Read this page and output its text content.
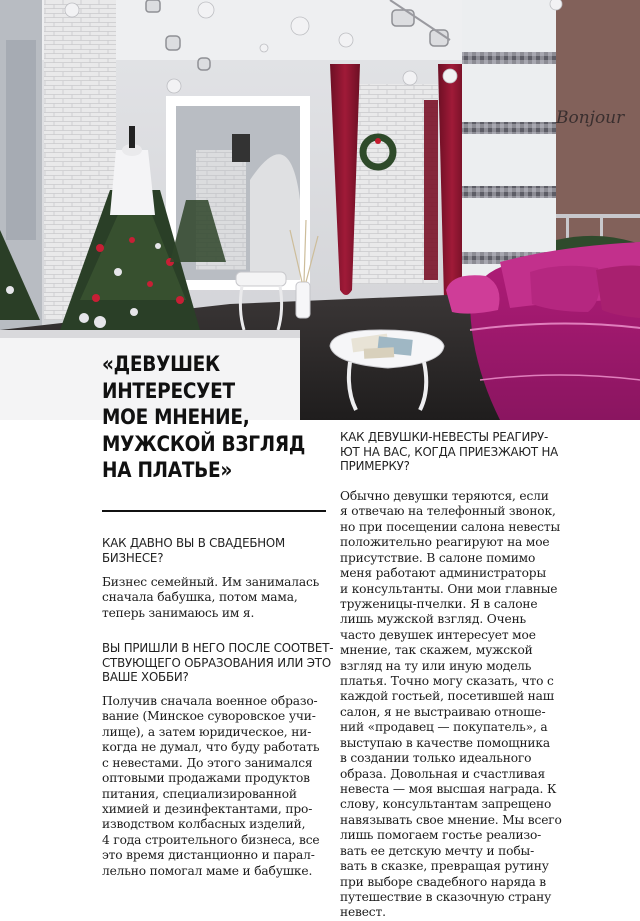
Bonjour
«ДЕВУШЕК
ИНТЕРЕСУЕТ
МОЕ МНЕНИЕ,
МУЖСКОЙ ВЗГЛЯД
НА ПЛАТЬЕ»
КАК ДАВНО ВЫ В СВАДЕБНОМ
БИЗНЕСЕ?
Бизнес семейный. Им занималась
сначала бабушка, потом мама,
теперь занимаюсь им я.
ВЫ ПРИШЛИ В НЕГО ПОСЛЕ СООТВЕТ-
СТВУЮЩЕГО ОБРАЗОВАНИЯ ИЛИ ЭТО
ВАШЕ ХОББИ?
Получив сначала военное образо-
вание (Минское суворовское учи-
лище), а затем юридическое, ни-
когда не думал, что буду работать
с невестами. До этого занимался
оптовыми продажами продуктов
питания, специализированной
химией и дезинфектантами, про-
изводством колбасных изделий,
4 года строительного бизнеса, все
это время дистанционно и парал-
лельно помогал маме и бабушке.
КАК ДЕВУШКИ-НЕВЕСТЫ РЕАГИРУ-
ЮТ НА ВАС, КОГДА ПРИЕЗЖАЮТ НА
ПРИМЕРКУ?
Обычно девушки теряются, если
я отвечаю на телефонный звонок,
но при посещении салона невесты
положительно реагируют на мое
присутствие. В салоне помимо
меня работают администраторы
и консультанты. Они мои главные
труженицы-пчелки. Я в салоне
лишь мужской взгляд. Очень
часто девушек интересует мое
мнение, так скажем, мужской
взгляд на ту или иную модель
платья. Точно могу сказать, что с
каждой гостьей, посетившей наш
салон, я не выстраиваю отноше-
ний «продавец — покупатель», а
выступаю в качестве помощника
в создании только идеального
образа. Довольная и счастливая
невеста — моя высшая награда. К
слову, консультантам запрещено
навязывать свое мнение. Мы всего
лишь помогаем гостье реализо-
вать ее детскую мечту и побы-
вать в сказке, превращая рутину
при выборе свадебного наряда в
путешествие в сказочную страну
невест.
